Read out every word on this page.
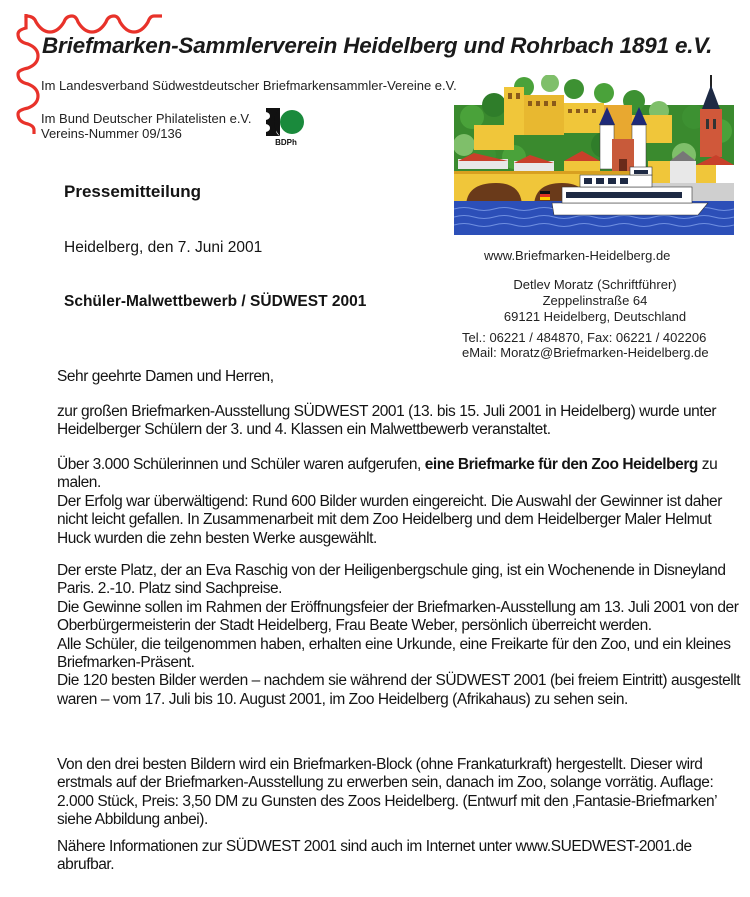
Briefmarken-Sammlerverein Heidelberg und Rohrbach 1891 e.V.
Im Landesverband Südwestdeutscher Briefmarkensammler-Vereine e.V.
Im Bund Deutscher Philatelisten e.V.
Vereins-Nummer 09/136
BDPh
www.Briefmarken-Heidelberg.de
Detlev Moratz (Schriftführer)
Zeppelinstraße 64
69121 Heidelberg, Deutschland
Tel.: 06221 / 484870, Fax: 06221 / 402206
eMail: Moratz@Briefmarken-Heidelberg.de
Pressemitteilung
Heidelberg, den 7. Juni 2001
Schüler-Malwettbewerb / SÜDWEST 2001
Sehr geehrte Damen und Herren,

zur großen Briefmarken-Ausstellung SÜDWEST 2001 (13. bis 15. Juli 2001 in Heidelberg) wurde unter Heidelberger Schülern der 3. und 4. Klassen ein Malwettbewerb veranstaltet.

Über 3.000 Schülerinnen und Schüler waren aufgerufen, eine Briefmarke für den Zoo Heidelberg zu malen.

Der Erfolg war überwältigend: Rund 600 Bilder wurden eingereicht. Die Auswahl der Gewinner ist daher nicht leicht gefallen. In Zusammenarbeit mit dem Zoo Heidelberg und dem Heidelberger Maler Helmut Huck wurden die zehn besten Werke ausgewählt.

Der erste Platz, der an Eva Raschig von der Heiligenbergschule ging, ist ein Wochenende in Disneyland Paris. 2.-10. Platz sind Sachpreise.

Die Gewinne sollen im Rahmen der Eröffnungsfeier der Briefmarken-Ausstellung am 13. Juli 2001 von der Oberbürgermeisterin der Stadt Heidelberg, Frau Beate Weber, persönlich überreicht werden.

Alle Schüler, die teilgenommen haben, erhalten eine Urkunde, eine Freikarte für den Zoo, und ein kleines Briefmarken-Präsent.

Die 120 besten Bilder werden – nachdem sie während der SÜDWEST 2001 (bei freiem Eintritt) ausgestellt waren – vom 17. Juli bis 10. August 2001, im Zoo Heidelberg (Afrikahaus) zu sehen sein.

Von den drei besten Bildern wird ein Briefmarken-Block (ohne Frankaturkraft) hergestellt. Dieser wird erstmals auf der Briefmarken-Ausstellung zu erwerben sein, danach im Zoo, solange vorrätig. Auflage: 2.000 Stück, Preis: 3,50 DM zu Gunsten des Zoos Heidelberg. (Entwurf mit den ‚Fantasie-Briefmarken’ siehe Abbildung anbei).

Nähere Informationen zur SÜDWEST 2001 sind auch im Internet unter www.SUEDWEST-2001.de abrufbar.
